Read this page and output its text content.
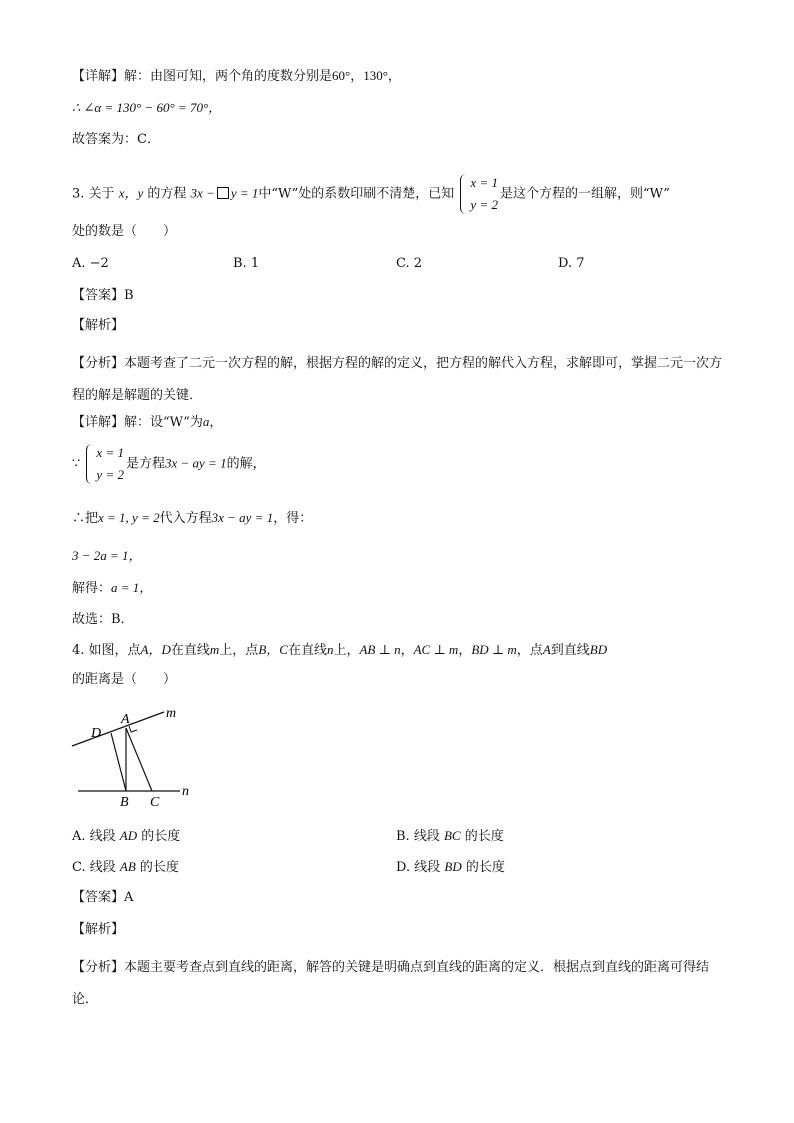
【详解】解：由图可知，两个角的度数分别是60°，130°，
∴ ∠α = 130° − 60° = 70°，
故答案为：C．
3. 关于 x，y 的方程 3x − y = 1中“W”处的系数印刷不清楚，已知
x = 1
y = 2
是这个方程的一组解，则“W”
处的数是（　　）
A. −2	B. 1	C. 2	D. 7
【答案】B
【解析】
【分析】本题考查了二元一次方程的解，根据方程的解的定义，把方程的解代入方程，求解即可，掌握二元一次方程的解是解题的关键．
【详解】解：设“W”为a，
∵
x = 1
y = 2
是方程3x − ay = 1的解，
∴把x = 1, y = 2代入方程3x − ay = 1，得：
3 − 2a = 1，
解得：a = 1，
故选：B．
4. 如图，点A，D在直线m上，点B，C在直线n上，AB ⊥ n，AC ⊥ m，BD ⊥ m，点A到直线BD
的距离是（　　）
D
A	m
B C
n
A. 线段 AD 的长度	B. 线段 BC 的长度
C. 线段 AB 的长度	D. 线段 BD 的长度
【答案】A
【解析】
【分析】本题主要考查点到直线的距离，解答的关键是明确点到直线的距离的定义．根据点到直线的距离可得结论．
